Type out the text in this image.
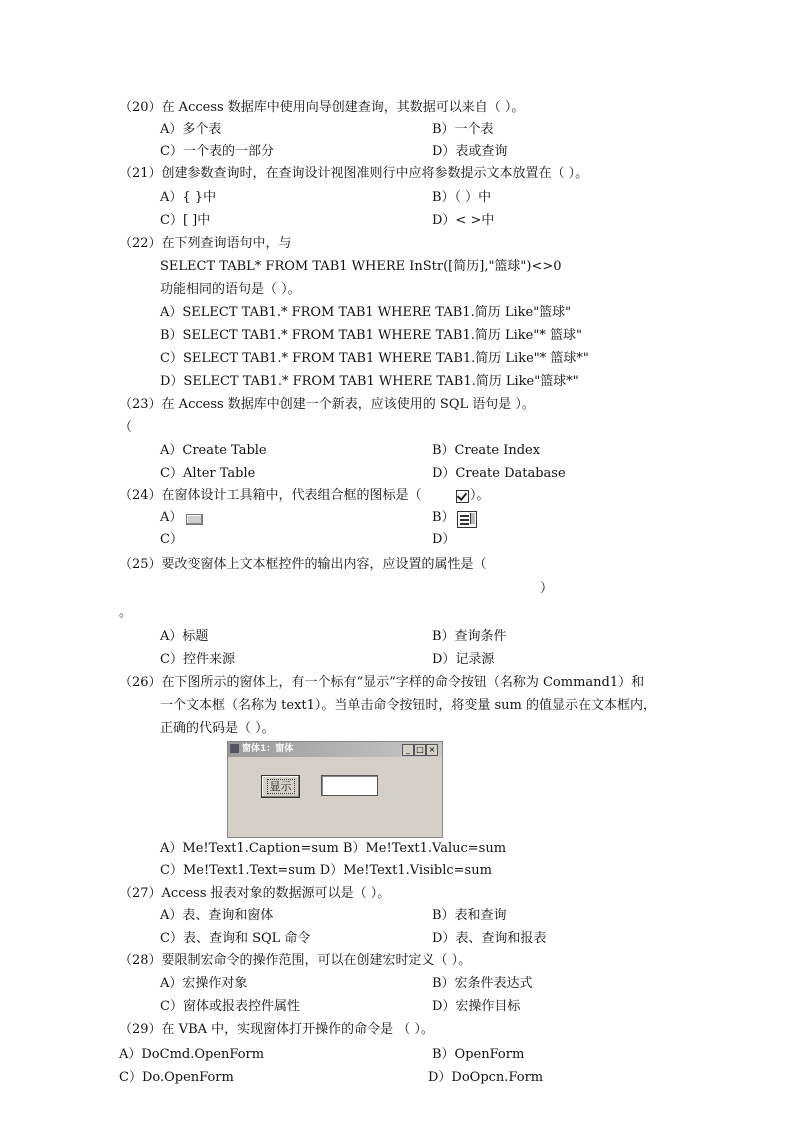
（20）在 Access 数据库中使用向导创建查询，其数据可以来自（ ）。
A）多个表	B）一个表
C）一个表的一部分	D）表或查询
（21）创建参数查询时，在查询设计视图准则行中应将参数提示文本放置在（ ）。
A）{ }中	B）（ ）中
C）[ ]中	D）< >中
（22）在下列查询语句中，与
SELECT TABL* FROM TAB1 WHERE InStr([简历],"篮球")<>0
功能相同的语句是（ ）。
A）SELECT TAB1.* FROM TAB1 WHERE TAB1.简历 Like"篮球"
B）SELECT TAB1.* FROM TAB1 WHERE TAB1.简历 Like"* 篮球"
C）SELECT TAB1.* FROM TAB1 WHERE TAB1.简历 Like"* 篮球*"
D）SELECT TAB1.* FROM TAB1 WHERE TAB1.简历 Like"篮球*"
（23）在 Access 数据库中创建一个新表，应该使用的 SQL 语句是 ）。
（
A）Create Table	B）Create Index
C）Alter Table	D）Create Database
（24）在窗体设计工具箱中，代表组合框的图标是（	）。
A）	B）
C）	D）
（25）要改变窗体上文本框控件的输出内容，应设置的属性是（
）
。
A）标题	B）查询条件
C）控件来源	D）记录源
（26）在下图所示的窗体上，有一个标有“显示”字样的命令按钮（名称为 Command1）和
一个文本框（名称为 text1）。当单击命令按钮时，将变量 sum 的值显示在文本框内，
正确的代码是（ ）。
窗体1：窗体	_ □ ×
显示
A）Me!Text1.Caption=sum B）Me!Text1.Valuc=sum
C）Me!Text1.Text=sum D）Me!Text1.Visiblc=sum
（27）Access 报表对象的数据源可以是（ ）。
A）表、查询和窗体	B）表和查询
C）表、查询和 SQL 命令	D）表、查询和报表
（28）要限制宏命令的操作范围，可以在创建宏时定义（ ）。
A）宏操作对象	B）宏条件表达式
C）窗体或报表控件属性	D）宏操作目标
（29）在 VBA 中，实现窗体打开操作的命令是 （ ）。
A）DoCmd.OpenForm	B）OpenForm
C）Do.OpenForm	D）DoOpcn.Form
